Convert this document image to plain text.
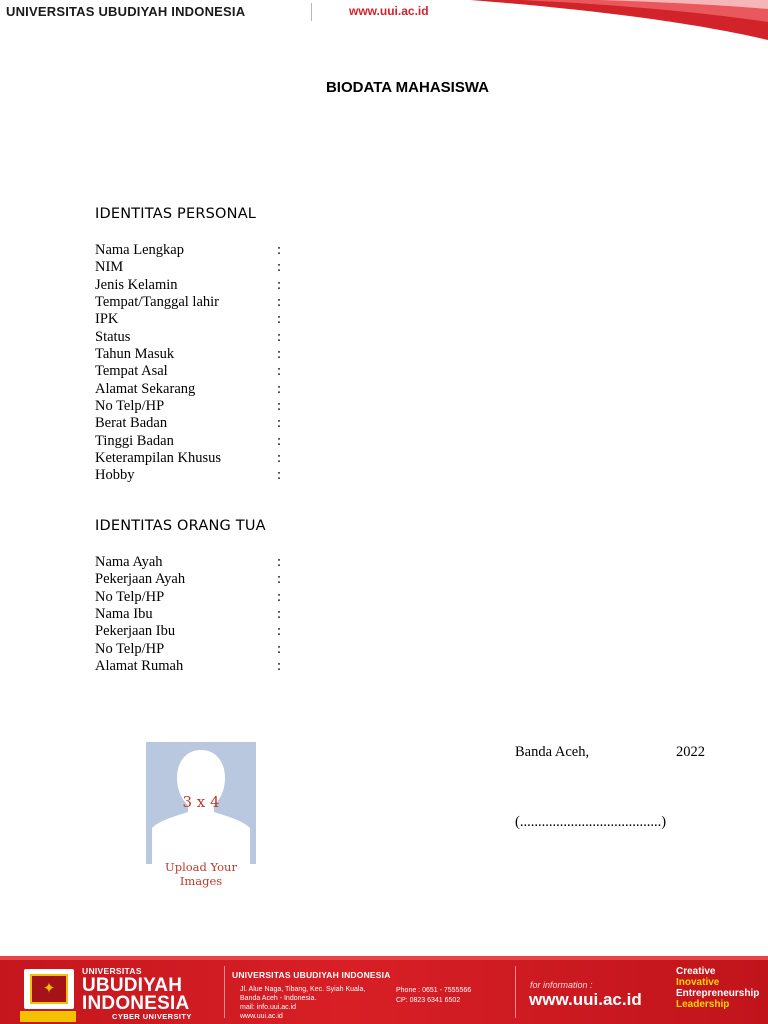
UNIVERSITAS UBUDIYAH INDONESIA	www.uui.ac.id
BIODATA MAHASISWA
IDENTITAS PERSONAL
Nama Lengkap	:
NIM	:
Jenis Kelamin	:
Tempat/Tanggal lahir	:
IPK	:
Status	:
Tahun Masuk	:
Tempat Asal	:
Alamat Sekarang	:
No Telp/HP	:
Berat Badan	:
Tinggi Badan	:
Keterampilan Khusus	:
Hobby	:
IDENTITAS ORANG TUA
Nama Ayah	:
Pekerjaan Ayah	:
No Telp/HP	:
Nama Ibu	:
Pekerjaan Ibu	:
No Telp/HP	:
Alamat Rumah	:
3 x 4
Upload Your Images
Banda Aceh,	2022
(.......................................)
✦
UNIVERSITAS
UBUDIYAH
INDONESIA
CYBER UNIVERSITY
UNIVERSITAS UBUDIYAH INDONESIA
Jl. Alue Naga, Tibang, Kec. Syiah Kuala,
Banda Aceh - Indonesia.
mail: info.uui.ac.id
www.uui.ac.id
Phone : 0651 - 7555566
CP: 0823 6341 6502
for information :
www.uui.ac.id
Creative
Inovative
Entrepreneurship
Leadership
